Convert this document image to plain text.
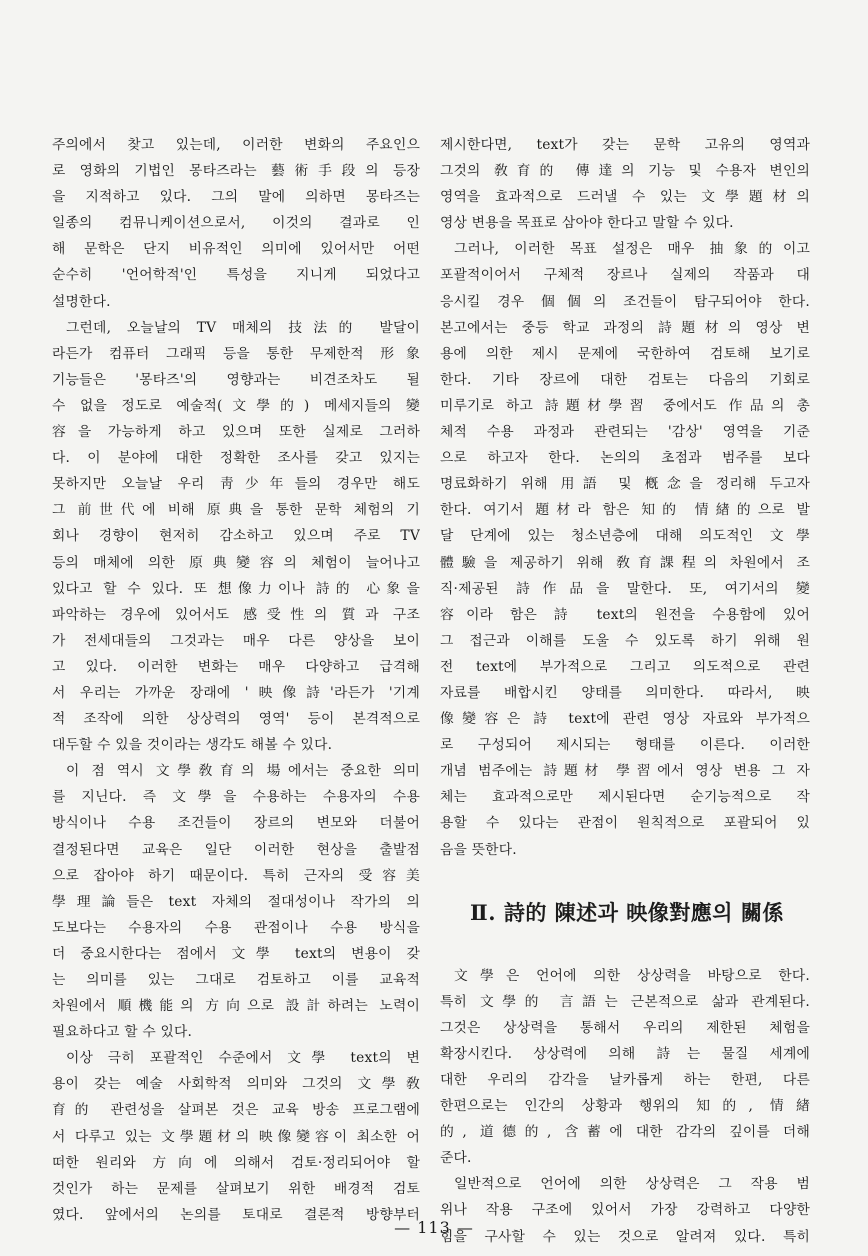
주의에서 찾고 있는데, 이러한 변화의 주요인으
로 영화의 기법인 몽타즈라는 藝術手段의 등장
을 지적하고 있다. 그의 말에 의하면 몽타즈는
일종의 컴뮤니케이션으로서, 이것의 결과로 인
해 문학은 단지 비유적인 의미에 있어서만 어떤
순수히 '언어학적'인 특성을 지니게 되었다고
설명한다.
그런데, 오늘날의 TV 매체의 技法的 발달이
라든가 컴퓨터 그래픽 등을 통한 무제한적 形象
기능들은 '몽타즈'의 영향과는 비견조차도 될
수 없을 정도로 예술적(文學的) 메세지들의 變
容을 가능하게 하고 있으며 또한 실제로 그러하
다. 이 분야에 대한 정확한 조사를 갖고 있지는
못하지만 오늘날 우리 靑少年들의 경우만 해도
그 前世代에 비해 原典을 통한 문학 체험의 기
회나 경향이 현저히 감소하고 있으며 주로 TV
등의 매체에 의한 原典變容의 체험이 늘어나고
있다고 할 수 있다. 또 想像力이나 詩的 心象을
파악하는 경우에 있어서도 感受性의 質과 구조
가 전세대들의 그것과는 매우 다른 양상을 보이
고 있다. 이러한 변화는 매우 다양하고 급격해
서 우리는 가까운 장래에 '映像詩'라든가 '기계
적 조작에 의한 상상력의 영역' 등이 본격적으로
대두할 수 있을 것이라는 생각도 해볼 수 있다.
이 점 역시 文學敎育의 場에서는 중요한 의미
를 지닌다. 즉 文學을 수용하는 수용자의 수용
방식이나 수용 조건들이 장르의 변모와 더불어
결정된다면 교육은 일단 이러한 현상을 출발점
으로 잡아야 하기 때문이다. 특히 근자의 受容美
學理論들은 text 자체의 절대성이나 작가의 의
도보다는 수용자의 수용 관점이나 수용 방식을
더 중요시한다는 점에서 文學 text의 변용이 갖
는 의미를 있는 그대로 검토하고 이를 교육적
차원에서 順機能의 方向으로 設計하려는 노력이
필요하다고 할 수 있다.
이상 극히 포괄적인 수준에서 文學 text의 변
용이 갖는 예술 사회학적 의미와 그것의 文學敎
育的 관련성을 살펴본 것은 교육 방송 프로그램에
서 다루고 있는 文學題材의 映像變容이 최소한 어
떠한 원리와 方向에 의해서 검토·정리되어야 할
것인가 하는 문제를 살펴보기 위한 배경적 검토
였다. 앞에서의 논의를 토대로 결론적 방향부터
제시한다면, text가 갖는 문학 고유의 영역과
그것의 敎育的 傳達의 기능 및 수용자 변인의
영역을 효과적으로 드러낼 수 있는 文學題材의
영상 변용을 목표로 삼아야 한다고 말할 수 있다.
그러나, 이러한 목표 설정은 매우 抽象的이고
포괄적이어서 구체적 장르나 실제의 작품과 대
응시킬 경우 個個의 조건들이 탐구되어야 한다.
본고에서는 중등 학교 과정의 詩題材의 영상 변
용에 의한 제시 문제에 국한하여 검토해 보기로
한다. 기타 장르에 대한 검토는 다음의 기회로
미루기로 하고 詩題材學習 중에서도 作品의 총
체적 수용 과정과 관련되는 '감상' 영역을 기준
으로 하고자 한다. 논의의 초점과 범주를 보다
명료화하기 위해 用語 및 槪念을 정리해 두고자
한다. 여기서 題材라 함은 知的 情緖的으로 발
달 단계에 있는 청소년층에 대해 의도적인 文學
體驗을 제공하기 위해 敎育課程의 차원에서 조
직·제공된 詩作品을 말한다. 또, 여기서의 變
容이라 함은 詩 text의 원전을 수용함에 있어
그 접근과 이해를 도울 수 있도록 하기 위해 원
전 text에 부가적으로 그리고 의도적으로 관련
자료를 배합시킨 양태를 의미한다. 따라서, 映
像變容은 詩 text에 관련 영상 자료와 부가적으
로 구성되어 제시되는 형태를 이른다. 이러한
개념 범주에는 詩題材 學習에서 영상 변용 그 자
체는 효과적으로만 제시된다면 순기능적으로 작
용할 수 있다는 관점이 원칙적으로 포괄되어 있
음을 뜻한다.
Ⅱ. 詩的 陳述과 映像對應의 關係
文學은 언어에 의한 상상력을 바탕으로 한다.
특히 文學的 言語는 근본적으로 삶과 관계된다.
그것은 상상력을 통해서 우리의 제한된 체험을
확장시킨다. 상상력에 의해 詩는 물질 세계에
대한 우리의 감각을 날카롭게 하는 한편, 다른
한편으로는 인간의 상황과 행위의 知的, 情緖
的, 道德的, 含蓄에 대한 감각의 깊이를 더해
준다.
일반적으로 언어에 의한 상상력은 그 작용 범
위나 작용 구조에 있어서 가장 강력하고 다양한
힘을 구사할 수 있는 것으로 알려져 있다. 특히
— 113 —
